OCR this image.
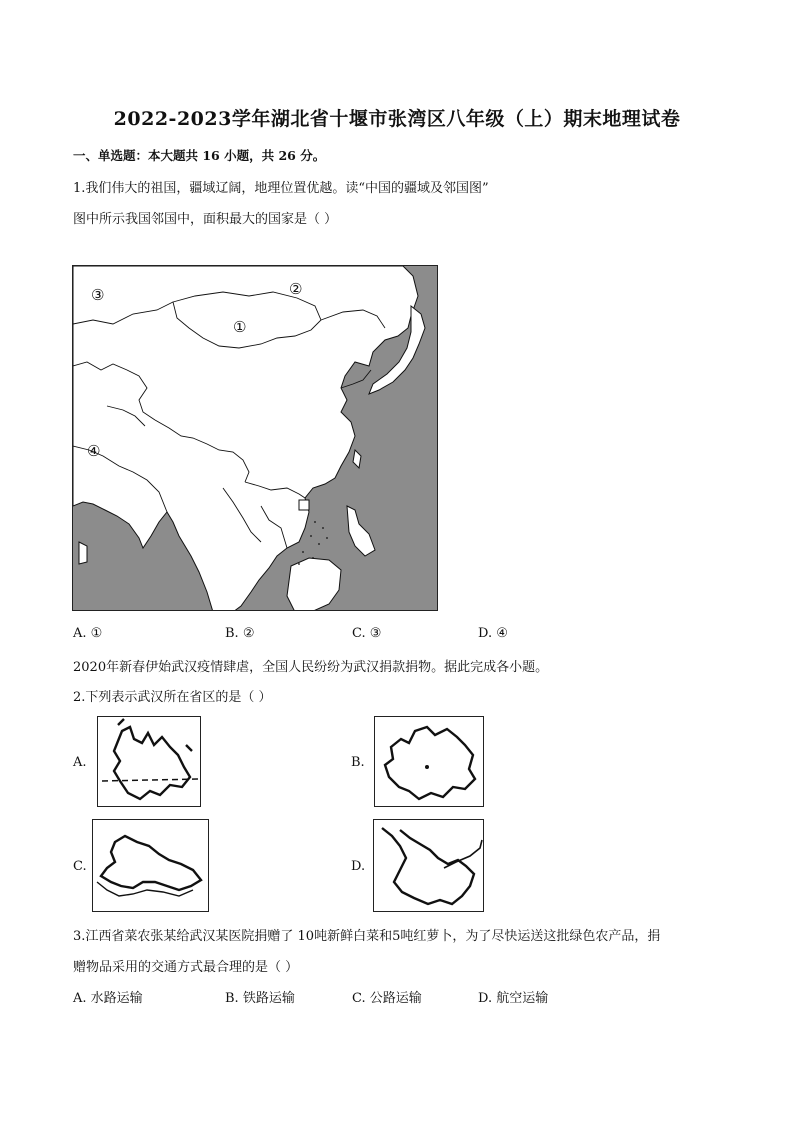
2022-2023学年湖北省十堰市张湾区八年级（上）期末地理试卷
一、单选题：本大题共 16 小题，共 26 分。
1.我们伟大的祖国，疆域辽阔，地理位置优越。读“中国的疆域及邻国图”
图中所示我国邻国中，面积最大的国家是（ ）
①
②
③
④
A. ①	B. ②	C. ③	D. ④
2020年新春伊始武汉疫情肆虐，全国人民纷纷为武汉捐款捐物。据此完成各小题。
2.下列表示武汉所在省区的是（ ）
A.	B.
C.	D.
3.江西省菜农张某给武汉某医院捐赠了 10吨新鲜白菜和5吨红萝卜，为了尽快运送这批绿色农产品，捐
赠物品采用的交通方式最合理的是（ ）
A. 水路运输	B. 铁路运输	C. 公路运输	D. 航空运输
